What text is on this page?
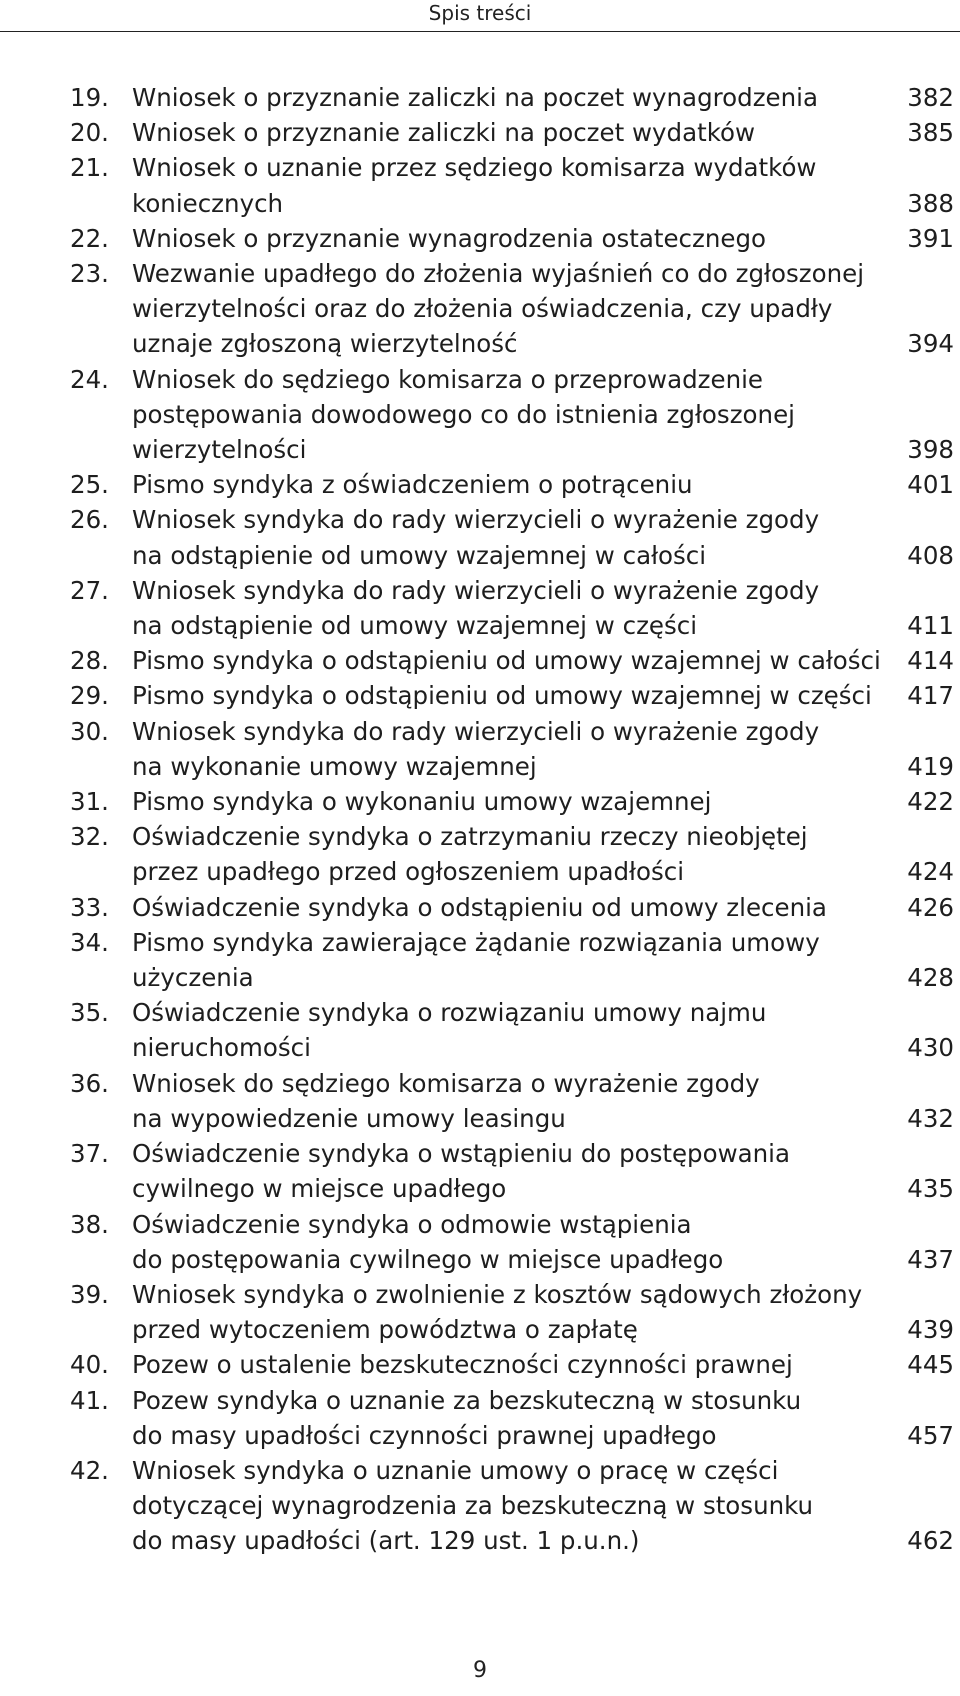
Spis treści
19. Wniosek o przyznanie zaliczki na poczet wynagrodzenia	382
20. Wniosek o przyznanie zaliczki na poczet wydatków	385
21. Wniosek o uznanie przez sędziego komisarza wydatków
koniecznych	388
22. Wniosek o przyznanie wynagrodzenia ostatecznego	391
23. Wezwanie upadłego do złożenia wyjaśnień co do zgłoszonej
wierzytelności oraz do złożenia oświadczenia, czy upadły
uznaje zgłoszoną wierzytelność	394
24. Wniosek do sędziego komisarza o przeprowadzenie
postępowania dowodowego co do istnienia zgłoszonej
wierzytelności	398
25. Pismo syndyka z oświadczeniem o potrąceniu	401
26. Wniosek syndyka do rady wierzycieli o wyrażenie zgody
na odstąpienie od umowy wzajemnej w całości	408
27. Wniosek syndyka do rady wierzycieli o wyrażenie zgody
na odstąpienie od umowy wzajemnej w części	411
28. Pismo syndyka o odstąpieniu od umowy wzajemnej w całości	414
29. Pismo syndyka o odstąpieniu od umowy wzajemnej w części	417
30. Wniosek syndyka do rady wierzycieli o wyrażenie zgody
na wykonanie umowy wzajemnej	419
31. Pismo syndyka o wykonaniu umowy wzajemnej	422
32. Oświadczenie syndyka o zatrzymaniu rzeczy nieobjętej
przez upadłego przed ogłoszeniem upadłości	424
33. Oświadczenie syndyka o odstąpieniu od umowy zlecenia	426
34. Pismo syndyka zawierające żądanie rozwiązania umowy
użyczenia	428
35. Oświadczenie syndyka o rozwiązaniu umowy najmu
nieruchomości	430
36. Wniosek do sędziego komisarza o wyrażenie zgody
na wypowiedzenie umowy leasingu	432
37. Oświadczenie syndyka o wstąpieniu do postępowania
cywilnego w miejsce upadłego	435
38. Oświadczenie syndyka o odmowie wstąpienia
do postępowania cywilnego w miejsce upadłego	437
39. Wniosek syndyka o zwolnienie z kosztów sądowych złożony
przed wytoczeniem powództwa o zapłatę	439
40. Pozew o ustalenie bezskuteczności czynności prawnej	445
41. Pozew syndyka o uznanie za bezskuteczną w stosunku
do masy upadłości czynności prawnej upadłego	457
42. Wniosek syndyka o uznanie umowy o pracę w części
dotyczącej wynagrodzenia za bezskuteczną w stosunku
do masy upadłości (art. 129 ust. 1 p.u.n.)	462
9
